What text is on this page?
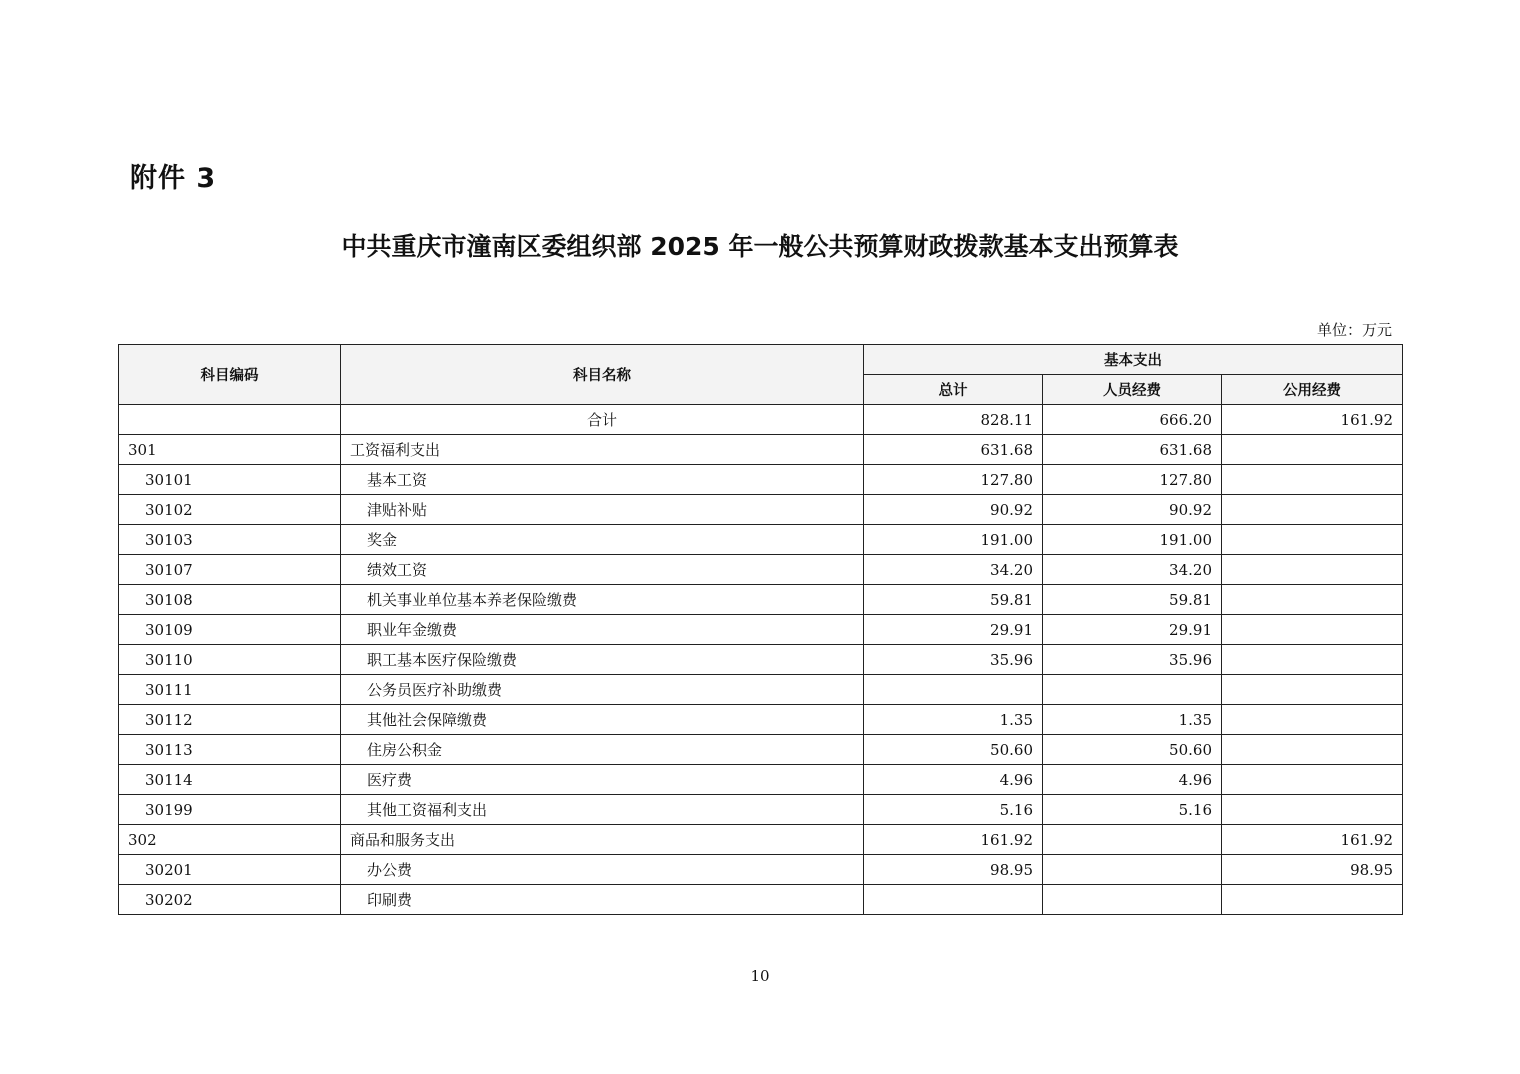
附件 3
中共重庆市潼南区委组织部 2025 年一般公共预算财政拨款基本支出预算表
单位：万元
科目编码	科目名称	基本支出		
		总计	人员经费	公用经费
	合计	828.11	666.20	161.92
301	工资福利支出	631.68	631.68	
30101	基本工资	127.80	127.80	
30102	津贴补贴	90.92	90.92	
30103	奖金	191.00	191.00	
30107	绩效工资	34.20	34.20	
30108	机关事业单位基本养老保险缴费	59.81	59.81	
30109	职业年金缴费	29.91	29.91	
30110	职工基本医疗保险缴费	35.96	35.96	
30111	公务员医疗补助缴费			
30112	其他社会保障缴费	1.35	1.35	
30113	住房公积金	50.60	50.60	
30114	医疗费	4.96	4.96	
30199	其他工资福利支出	5.16	5.16	
302	商品和服务支出	161.92		161.92
30201	办公费	98.95		98.95
30202	印刷费			
10
